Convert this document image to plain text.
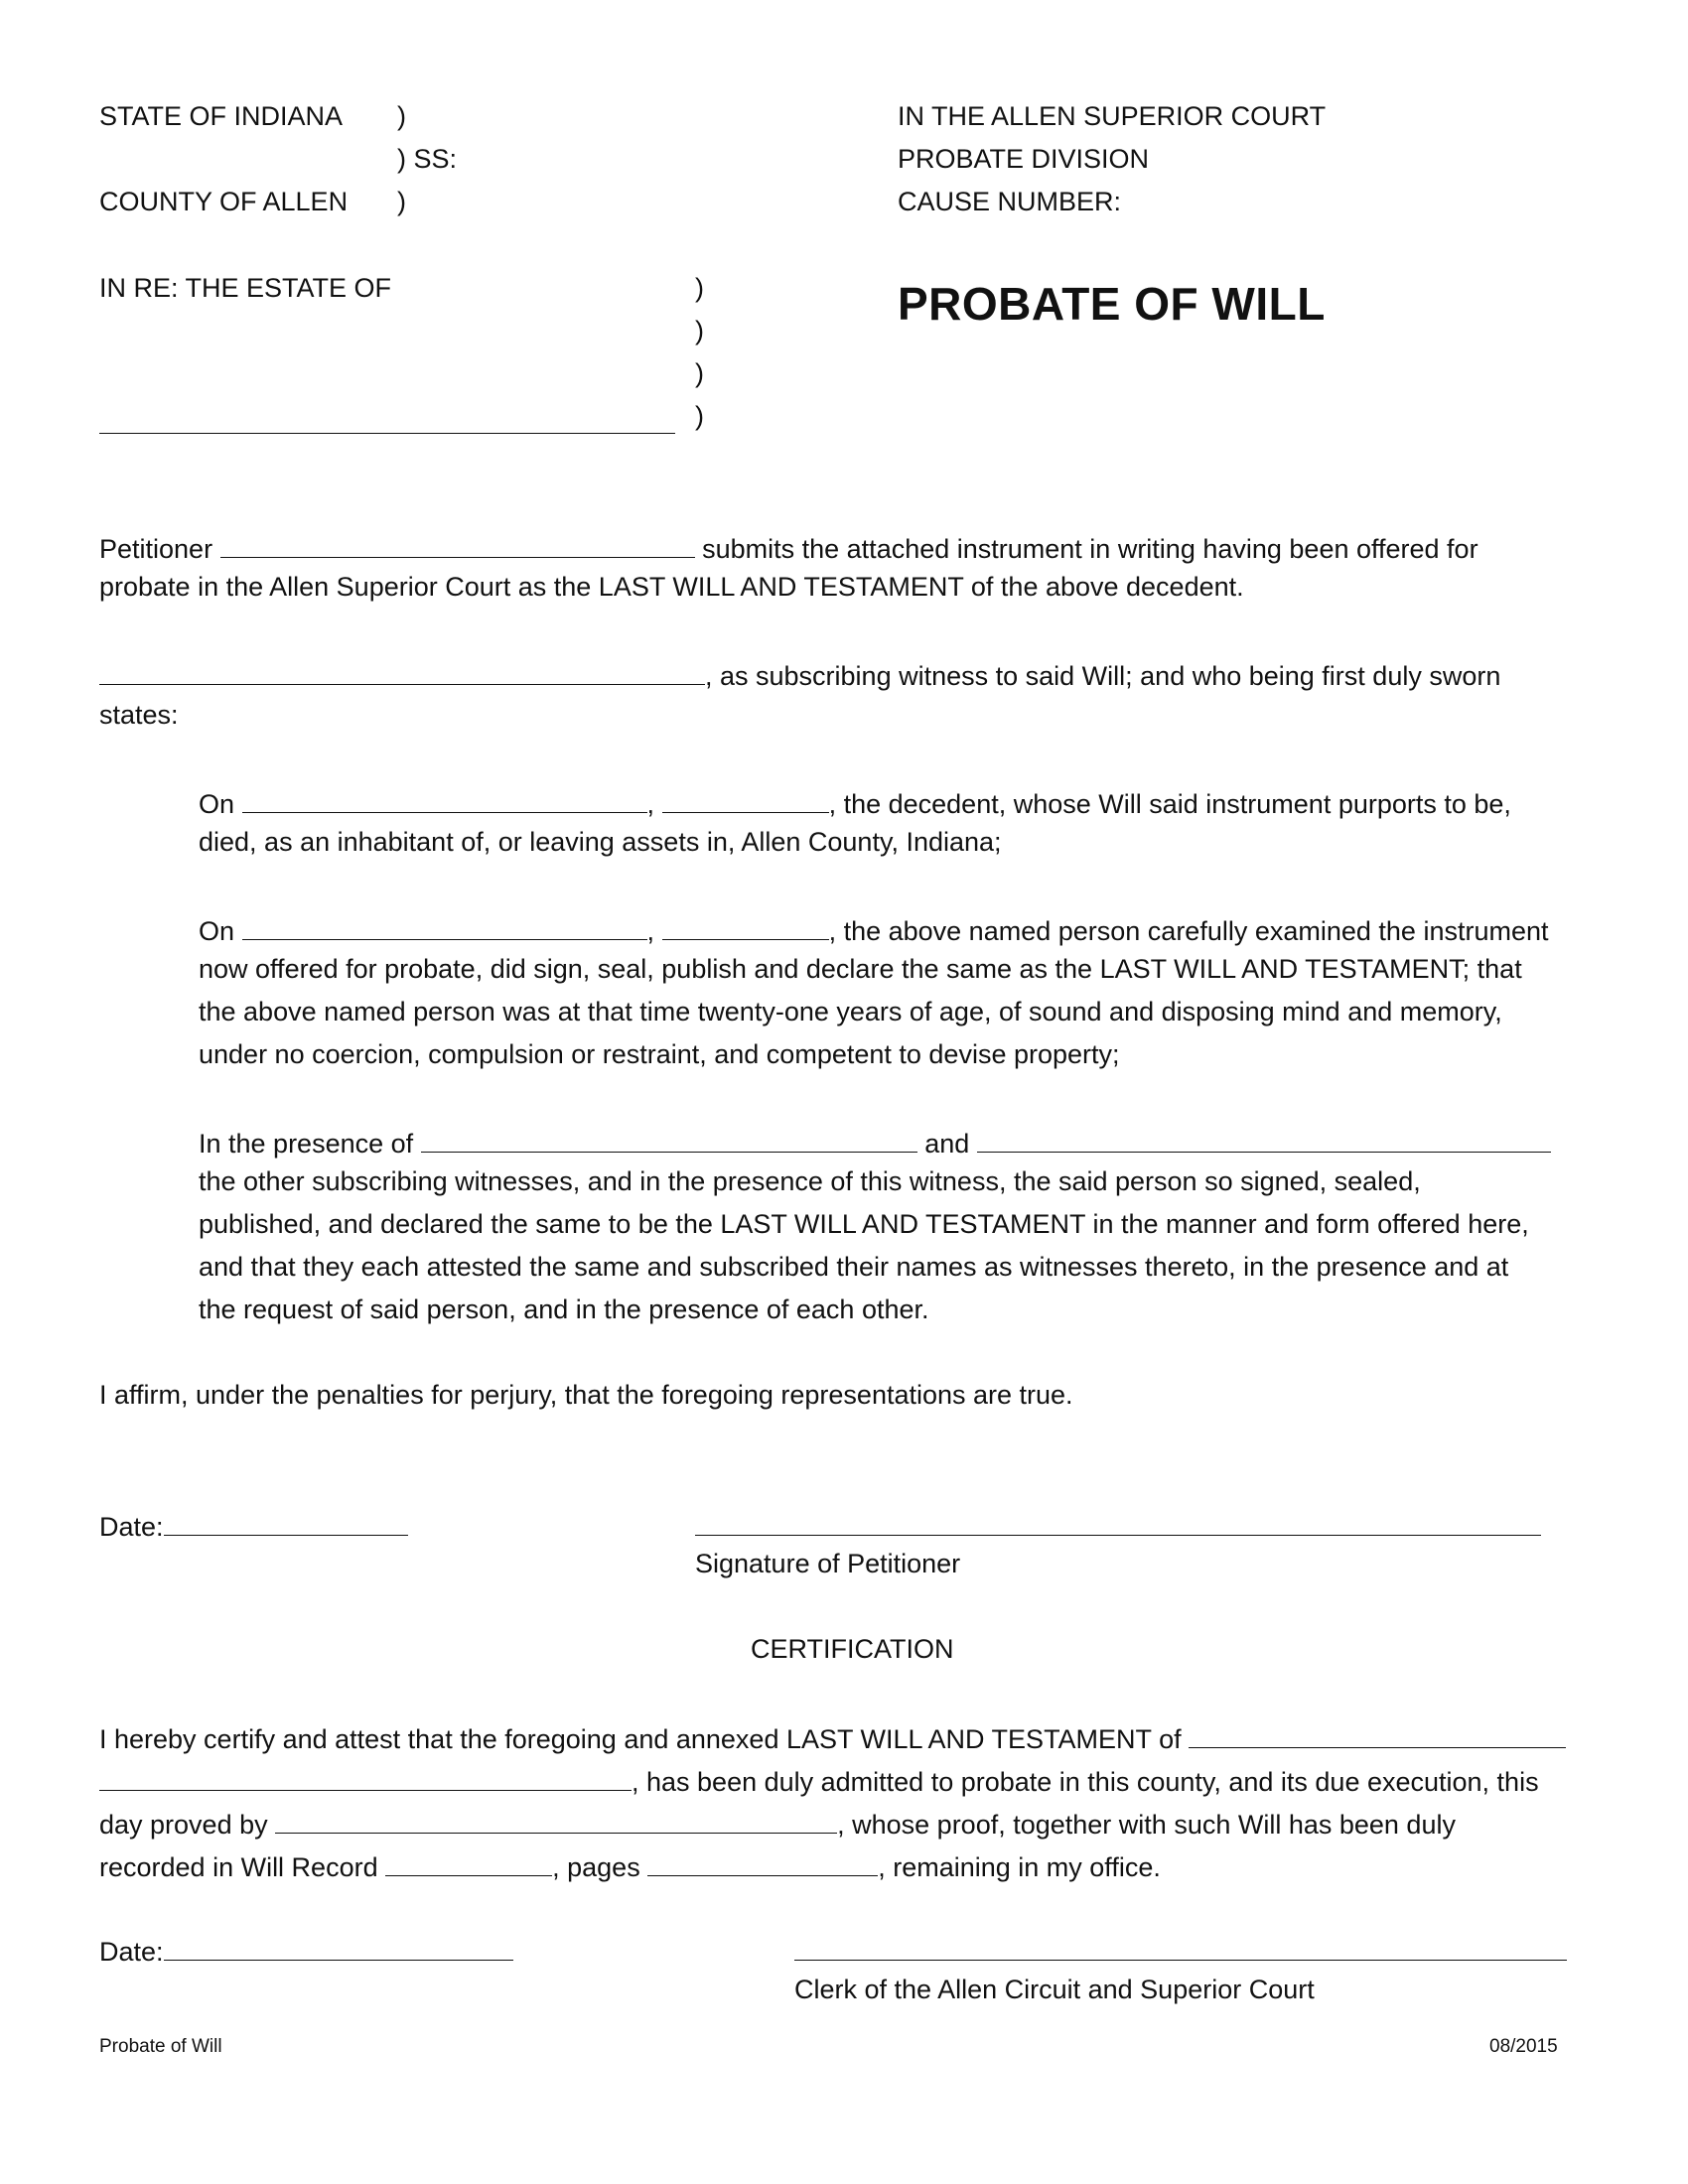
STATE OF INDIANA )
) SS:
COUNTY OF ALLEN )
IN THE ALLEN SUPERIOR COURT
PROBATE DIVISION
CAUSE NUMBER:
IN RE: THE ESTATE OF	)
)
)
)
PROBATE OF WILL
Petitioner	submits the attached instrument in writing having been offered for
probate in the Allen Superior Court as the LAST WILL AND TESTAMENT of the above decedent.
, as subscribing witness to said Will; and who being first duly sworn
states:
On	,	, the decedent, whose Will said instrument purports to be,
died, as an inhabitant of, or leaving assets in, Allen County, Indiana;
On	,	, the above named person carefully examined the instrument
now offered for probate, did sign, seal, publish and declare the same as the LAST WILL AND TESTAMENT; that
the above named person was at that time twenty-one years of age, of sound and disposing mind and memory,
under no coercion, compulsion or restraint, and competent to devise property;
In the presence of	and
the other subscribing witnesses, and in the presence of this witness, the said person so signed, sealed,
published, and declared the same to be the LAST WILL AND TESTAMENT in the manner and form offered here,
and that they each attested the same and subscribed their names as witnesses thereto, in the presence and at
the request of said person, and in the presence of each other.
I affirm, under the penalties for perjury, that the foregoing representations are true.
Date:
Signature of Petitioner
CERTIFICATION
I hereby certify and attest that the foregoing and annexed LAST WILL AND TESTAMENT of
, has been duly admitted to probate in this county, and its due execution, this
day proved by	, whose proof, together with such Will has been duly
recorded in Will Record	, pages	, remaining in my office.
Date:
Clerk of the Allen Circuit and Superior Court
Probate of Will	08/2015
